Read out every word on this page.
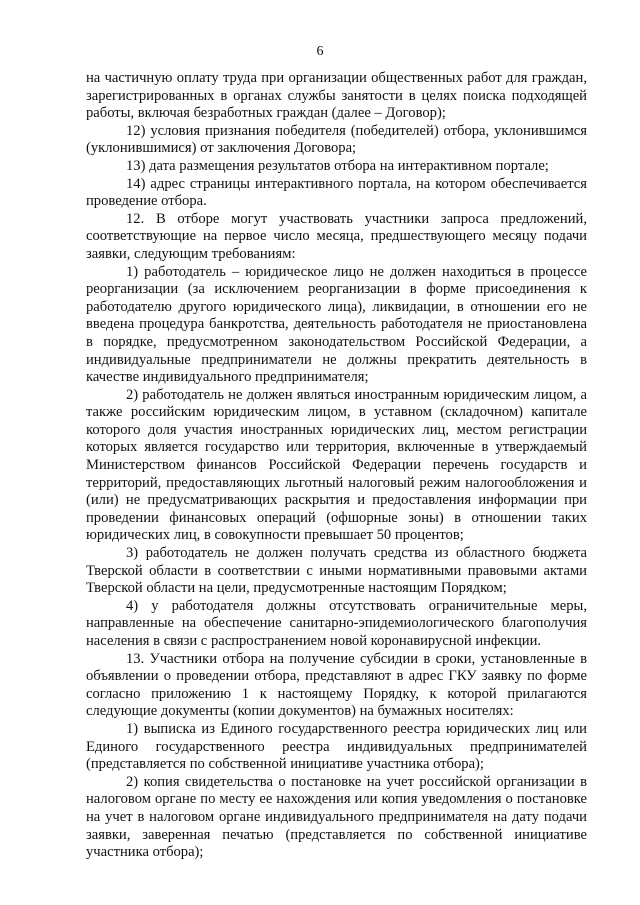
6

на частичную оплату труда при организации общественных работ для граждан, зарегистрированных в органах службы занятости в целях поиска подходящей работы, включая безработных граждан (далее – Договор);

12) условия признания победителя (победителей) отбора, уклонившимся (уклонившимися) от заключения Договора;

13) дата размещения результатов отбора на интерактивном портале;

14) адрес страницы интерактивного портала, на котором обеспечивается проведение отбора.

12. В отборе могут участвовать участники запроса предложений, соответствующие на первое число месяца, предшествующего месяцу подачи заявки, следующим требованиям:

1) работодатель – юридическое лицо не должен находиться в процессе реорганизации (за исключением реорганизации в форме присоединения к работодателю другого юридического лица), ликвидации, в отношении его не введена процедура банкротства, деятельность работодателя не приостановлена в порядке, предусмотренном законодательством Российской Федерации, а индивидуальные предприниматели не должны прекратить деятельность в качестве индивидуального предпринимателя;

2) работодатель не должен являться иностранным юридическим лицом, а также российским юридическим лицом, в уставном (складочном) капитале которого доля участия иностранных юридических лиц, местом регистрации которых является государство или территория, включенные в утверждаемый Министерством финансов Российской Федерации перечень государств и территорий, предоставляющих льготный налоговый режим налогообложения и (или) не предусматривающих раскрытия и предоставления информации при проведении финансовых операций (офшорные зоны) в отношении таких юридических лиц, в совокупности превышает 50 процентов;

3) работодатель не должен получать средства из областного бюджета Тверской области в соответствии с иными нормативными правовыми актами Тверской области на цели, предусмотренные настоящим Порядком;

4) у работодателя должны отсутствовать ограничительные меры, направленные на обеспечение санитарно-эпидемиологического благополучия населения в связи с распространением новой коронавирусной инфекции.

13. Участники отбора на получение субсидии в сроки, установленные в объявлении о проведении отбора, представляют в адрес ГКУ заявку по форме согласно приложению 1 к настоящему Порядку, к которой прилагаются следующие документы (копии документов) на бумажных носителях:

1) выписка из Единого государственного реестра юридических лиц или Единого государственного реестра индивидуальных предпринимателей (представляется по собственной инициативе участника отбора);

2) копия свидетельства о постановке на учет российской организации в налоговом органе по месту ее нахождения или копия уведомления о постановке на учет в налоговом органе индивидуального предпринимателя на дату подачи заявки, заверенная печатью (представляется по собственной инициативе участника отбора);
